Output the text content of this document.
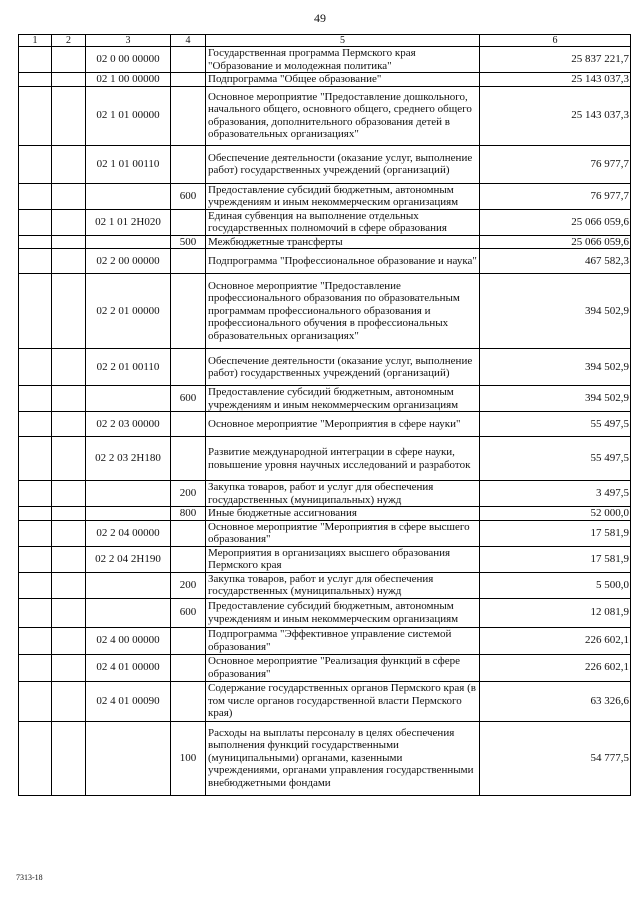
49
1	2	3	4	5	6
		02 0 00 00000		Государственная программа Пермского края "Образование и молодежная политика"	25 837 221,7
		02 1 00 00000		Подпрограмма "Общее образование"	25 143 037,3
		02 1 01 00000		Основное мероприятие "Предоставление дошкольного, начального общего, основного общего, среднего общего образования, дополнительного образования детей в образовательных организациях"	25 143 037,3
		02 1 01 00110		Обеспечение деятельности (оказание услуг, выполнение работ) государственных учреждений (организаций)	76 977,7
			600	Предоставление субсидий бюджетным, автономным учреждениям и иным некоммерческим организациям	76 977,7
		02 1 01 2Н020		Единая субвенция на выполнение отдельных государственных полномочий в сфере образования	25 066 059,6
			500	Межбюджетные трансферты	25 066 059,6
		02 2 00 00000		Подпрограмма "Профессиональное образование и наука"	467 582,3
		02 2 01 00000		Основное мероприятие "Предоставление профессионального образования по образовательным программам профессионального образования и профессионального обучения в профессиональных образовательных организациях"	394 502,9
		02 2 01 00110		Обеспечение деятельности (оказание услуг, выполнение работ) государственных учреждений (организаций)	394 502,9
			600	Предоставление субсидий бюджетным, автономным учреждениям и иным некоммерческим организациям	394 502,9
		02 2 03 00000		Основное мероприятие "Мероприятия в сфере науки"	55 497,5
		02 2 03 2Н180		Развитие международной интеграции в сфере науки, повышение уровня научных исследований и разработок	55 497,5
			200	Закупка товаров, работ и услуг для обеспечения государственных (муниципальных) нужд	3 497,5
			800	Иные бюджетные ассигнования	52 000,0
		02 2 04 00000		Основное мероприятие "Мероприятия в сфере высшего образования"	17 581,9
		02 2 04 2Н190		Мероприятия в организациях высшего образования Пермского края	17 581,9
			200	Закупка товаров, работ и услуг для обеспечения государственных (муниципальных) нужд	5 500,0
			600	Предоставление субсидий бюджетным, автономным учреждениям и иным некоммерческим организациям	12 081,9
		02 4 00 00000		Подпрограмма "Эффективное управление системой образования"	226 602,1
		02 4 01 00000		Основное мероприятие "Реализация функций в сфере образования"	226 602,1
		02 4 01 00090		Содержание государственных органов Пермского края (в том числе органов государственной власти Пермского края)	63 326,6
			100	Расходы на выплаты персоналу в целях обеспечения выполнения функций государственными (муниципальными) органами, казенными учреждениями, органами управления государственными внебюджетными фондами	54 777,5
7313-18
